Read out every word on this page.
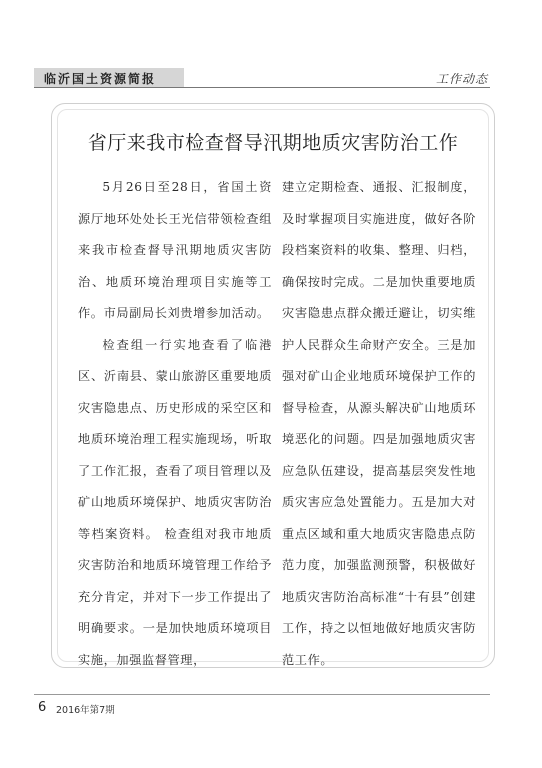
临沂国土资源简报	工作动态
省厅来我市检查督导汛期地质灾害防治工作

5月26日至28日，省国土资源厅地环处处长王光信带领检查组来我市检查督导汛期地质灾害防治、地质环境治理项目实施等工作。市局副局长刘贵增参加活动。

检查组一行实地查看了临港区、沂南县、蒙山旅游区重要地质灾害隐患点、历史形成的采空区和地质环境治理工程实施现场，听取了工作汇报，查看了项目管理以及矿山地质环境保护、地质灾害防治等档案资料。 检查组对我市地质灾害防治和地质环境管理工作给予充分肯定，并对下一步工作提出了明确要求。一是加快地质环境项目实施，加强监督管理，

建立定期检查、通报、汇报制度，及时掌握项目实施进度，做好各阶段档案资料的收集、整理、归档，确保按时完成。二是加快重要地质灾害隐患点群众搬迁避让，切实维护人民群众生命财产安全。三是加强对矿山企业地质环境保护工作的督导检查，从源头解决矿山地质环境恶化的问题。四是加强地质灾害应急队伍建设，提高基层突发性地质灾害应急处置能力。五是加大对重点区域和重大地质灾害隐患点防范力度，加强监测预警，积极做好地质灾害防治高标准“十有县”创建工作，持之以恒地做好地质灾害防范工作。

6 2016年第7期
